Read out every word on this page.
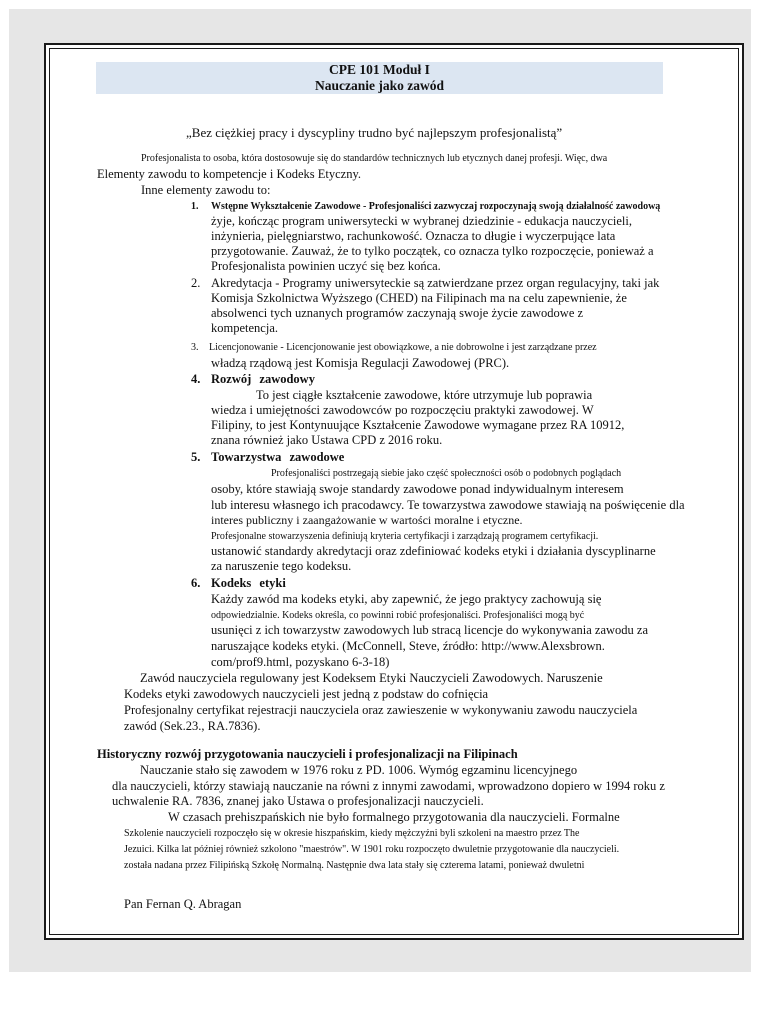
CPE 101 Moduł I
Nauczanie jako zawód
„Bez ciężkiej pracy i dyscypliny trudno być najlepszym profesjonalistą”
Profesjonalista to osoba, która dostosowuje się do standardów technicznych lub etycznych danej profesji. Więc, dwa
Elementy zawodu to kompetencje i Kodeks Etyczny.
Inne elementy zawodu to:
1. Wstępne Wykształcenie Zawodowe - Profesjonaliści zazwyczaj rozpoczynają swoją działalność zawodową
żyje, kończąc program uniwersytecki w wybranej dziedzinie - edukacja nauczycieli,
inżynieria, pielęgniarstwo, rachunkowość. Oznacza to długie i wyczerpujące lata
przygotowanie. Zauważ, że to tylko początek, co oznacza tylko rozpoczęcie, ponieważ a
Profesjonalista powinien uczyć się bez końca.
2. Akredytacja - Programy uniwersyteckie są zatwierdzane przez organ regulacyjny, taki jak
Komisja Szkolnictwa Wyższego (CHED) na Filipinach ma na celu zapewnienie, że
absolwenci tych uznanych programów zaczynają swoje życie zawodowe z
kompetencja.
3. Licencjonowanie - Licencjonowanie jest obowiązkowe, a nie dobrowolne i jest zarządzane przez
władzą rządową jest Komisja Regulacji Zawodowej (PRC).
4. Rozwój zawodowy
To jest ciągłe kształcenie zawodowe, które utrzymuje lub poprawia
wiedza i umiejętności zawodowców po rozpoczęciu praktyki zawodowej. W
Filipiny, to jest Kontynuujące Kształcenie Zawodowe wymagane przez RA 10912,
znana również jako Ustawa CPD z 2016 roku.
5. Towarzystwa zawodowe
Profesjonaliści postrzegają siebie jako część społeczności osób o podobnych poglądach
osoby, które stawiają swoje standardy zawodowe ponad indywidualnym interesem
lub interesu własnego ich pracodawcy. Te towarzystwa zawodowe stawiają na poświęcenie dla
interes publiczny i zaangażowanie w wartości moralne i etyczne.
Profesjonalne stowarzyszenia definiują kryteria certyfikacji i zarządzają programem certyfikacji.
ustanowić standardy akredytacji oraz zdefiniować kodeks etyki i działania dyscyplinarne
za naruszenie tego kodeksu.
6. Kodeks etyki
Każdy zawód ma kodeks etyki, aby zapewnić, że jego praktycy zachowują się
odpowiedzialnie. Kodeks określa, co powinni robić profesjonaliści. Profesjonaliści mogą być
usunięci z ich towarzystw zawodowych lub stracą licencje do wykonywania zawodu za
naruszające kodeks etyki. (McConnell, Steve, źródło: http://www.Alexsbrown.
com/prof9.html, pozyskano 6-3-18)
Zawód nauczyciela regulowany jest Kodeksem Etyki Nauczycieli Zawodowych. Naruszenie
Kodeks etyki zawodowych nauczycieli jest jedną z podstaw do cofnięcia
Profesjonalny certyfikat rejestracji nauczyciela oraz zawieszenie w wykonywaniu zawodu nauczyciela
zawód (Sek.23., RA.7836).
Historyczny rozwój przygotowania nauczycieli i profesjonalizacji na Filipinach
Nauczanie stało się zawodem w 1976 roku z PD. 1006. Wymóg egzaminu licencyjnego
dla nauczycieli, którzy stawiają nauczanie na równi z innymi zawodami, wprowadzono dopiero w 1994 roku z
uchwalenie RA. 7836, znanej jako Ustawa o profesjonalizacji nauczycieli.
W czasach prehiszpańskich nie było formalnego przygotowania dla nauczycieli. Formalne
Szkolenie nauczycieli rozpoczęło się w okresie hiszpańskim, kiedy mężczyźni byli szkoleni na maestro przez The
Jezuici. Kilka lat później również szkolono "maestrów". W 1901 roku rozpoczęto dwuletnie przygotowanie dla nauczycieli.
została nadana przez Filipińską Szkołę Normalną. Następnie dwa lata stały się czterema latami, ponieważ dwuletni
Pan Fernan Q. Abragan
